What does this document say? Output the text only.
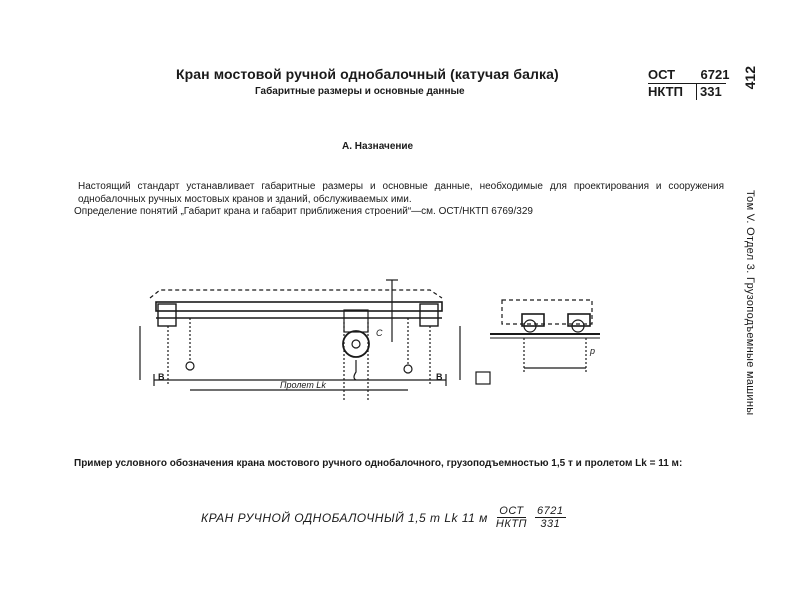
Кран мостовой ручной однобалочный (катучая балка)
Габаритные размеры и основные данные
ОСТ	6721
НКТП	331
412
Том V. Отдел 3. Грузоподъемные машины
А. Назначение
Настоящий стандарт устанавливает габаритные размеры и основные данные, необходимые для проектирования и сооружения однобалочных ручных мостовых кранов и зданий, обслуживаемых ими.
Определение понятий „Габарит крана и габарит приближения строений“—см. ОСТ/НКТП 6769/329
B	B
C
Пролет Lk
p
Пример условного обозначения крана мостового ручного однобалочного, грузоподъемностью 1,5 т и пролетом Lk = 11 м:
КРАН РУЧНОЙ ОДНОБАЛОЧНЫЙ 1,5 т Lk 11 м $\frac{\text{ОСТ}}{\text{НКТП}} \frac{6721}{331}$
